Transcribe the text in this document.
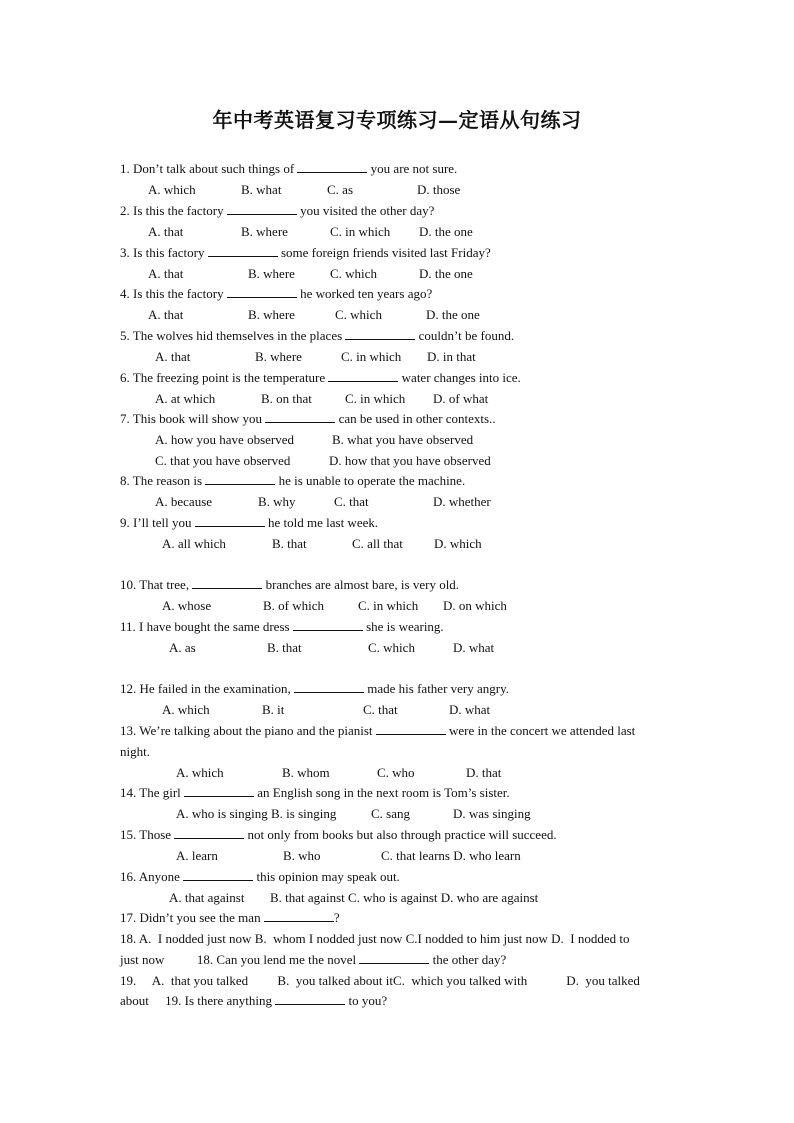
年中考英语复习专项练习—定语从句练习
1. Don’t talk about such things of	you are not sure.
A. which	B. what	C. as	D. those
2. Is this the factory	you visited the other day?
A. that	B. where	C. in which D. the one
3. Is this factory	some foreign friends visited last Friday?
A. that	B. where	C. which	D. the one
4. Is this the factory	he worked ten years ago?
A. that	B. where	C. which	D. the one
5. The wolves hid themselves in the places	couldn’t be found.
A. that	B. where	C. in which D. in that
6. The freezing point is the temperature	water changes into ice.
A. at which	B. on that	C. in which D. of what
7. This book will show you	can be used in other contexts..
A. how you have observed	B. what you have observed
C. that you have observed	D. how that you have observed
8. The reason is	he is unable to operate the machine.
A. because	B. why	C. that	D. whether
9. I’ll tell you	he told me last week.
A. all which	B. that	C. all that D. which
10. That tree,	branches are almost bare, is very old.
A. whose	B. of which	C. in which D. on which
11. I have bought the same dress	she is wearing.
A. as	B. that	C. which	D. what
12. He failed in the examination,	made his father very angry.
A. which	B. it	C. that	D. what
13. We’re talking about the piano and the pianist	were in the concert we attended last
night.
A. which	B. whom	C. who	D. that
14. The girl	an English song in the next room is Tom’s sister.
A. who is singing B. is singing	C. sang	D. was singing
15. Those	not only from books but also through practice will succeed.
A. learn	B. who	C. that learns D. who learn
16. Anyone	this opinion may speak out.
A. that against B. that against C. who is against D. who are against
17. Didn’t you see the man	?
18. A.  I nodded just now B.  whom I nodded just now C.I nodded to him just now D.  I nodded to
just now          18. Can you lend me the novel	the other day?
19.     A.  that you talked         B.  you talked about itC.  which you talked with            D.  you talked
about     19. Is there anything	to you?
